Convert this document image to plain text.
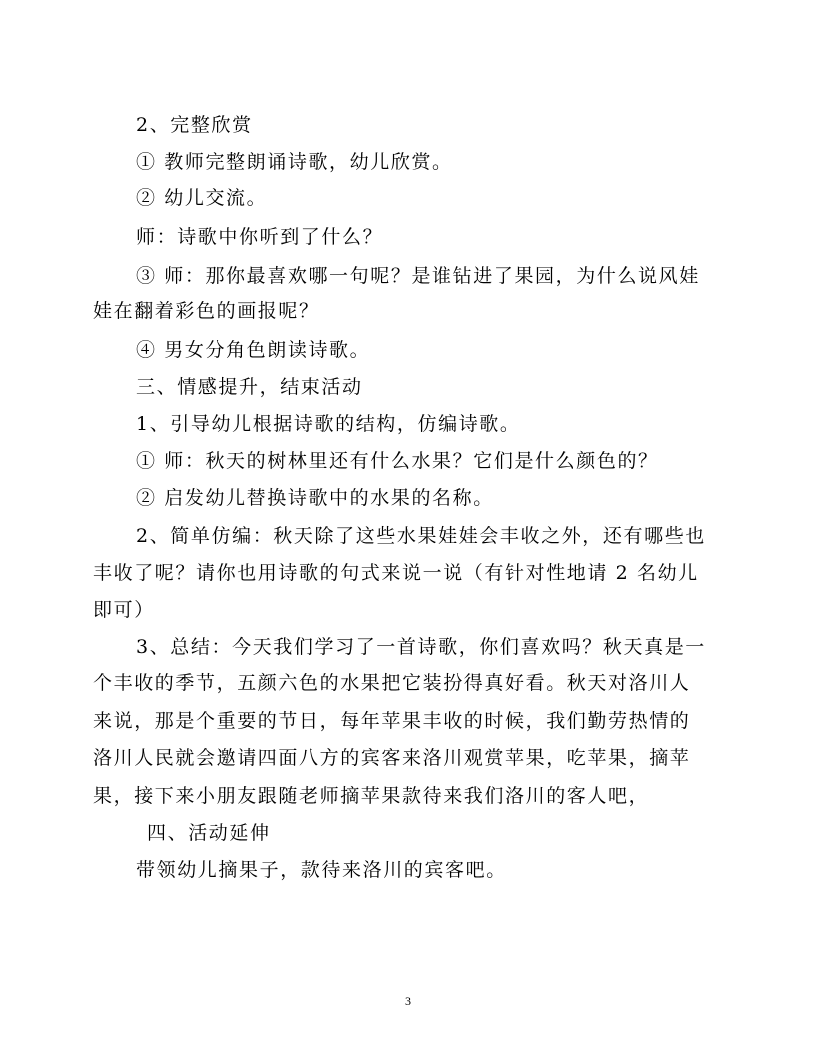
2、完整欣赏
① 教师完整朗诵诗歌，幼儿欣赏。
② 幼儿交流。
师：诗歌中你听到了什么？
③ 师：那你最喜欢哪一句呢？是谁钻进了果园，为什么说风娃
娃在翻着彩色的画报呢？
④ 男女分角色朗读诗歌。
三、情感提升，结束活动
1、引导幼儿根据诗歌的结构，仿编诗歌。
① 师：秋天的树林里还有什么水果？它们是什么颜色的？
② 启发幼儿替换诗歌中的水果的名称。
2、简单仿编：秋天除了这些水果娃娃会丰收之外，还有哪些也
丰收了呢？请你也用诗歌的句式来说一说（有针对性地请 2 名幼儿
即可）
3、总结：今天我们学习了一首诗歌，你们喜欢吗？秋天真是一
个丰收的季节，五颜六色的水果把它装扮得真好看。秋天对洛川人
来说，那是个重要的节日，每年苹果丰收的时候，我们勤劳热情的
洛川人民就会邀请四面八方的宾客来洛川观赏苹果，吃苹果，摘苹
果，接下来小朋友跟随老师摘苹果款待来我们洛川的客人吧，
四、活动延伸
带领幼儿摘果子，款待来洛川的宾客吧。
3
